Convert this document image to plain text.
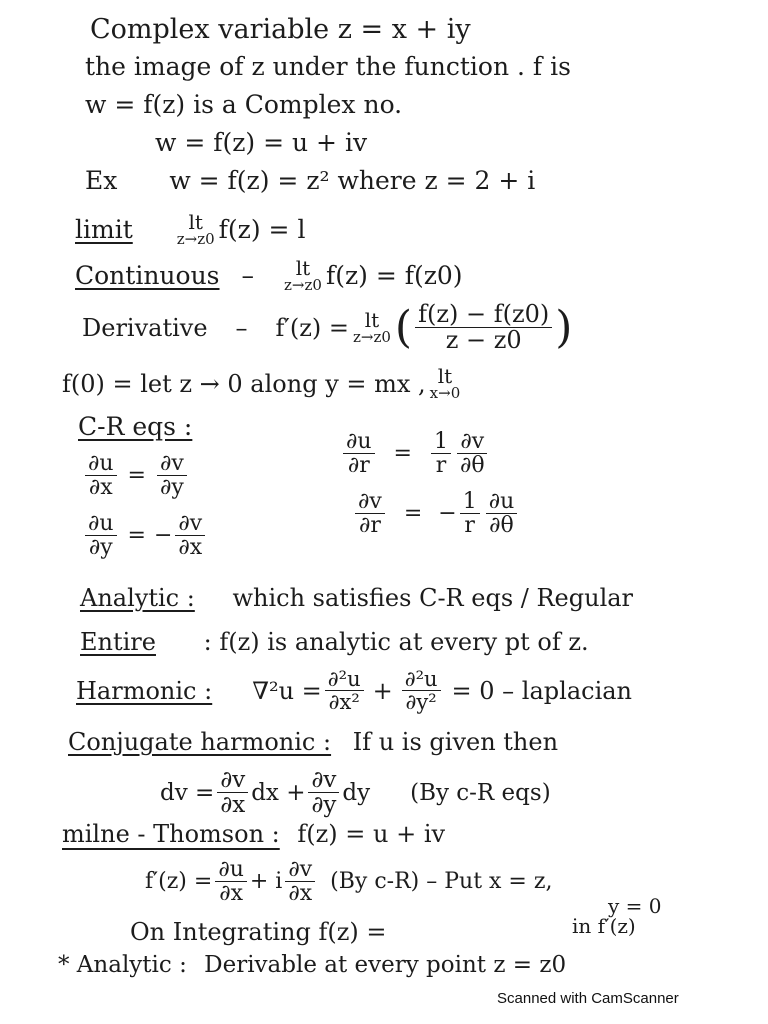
Complex variable z = x + iy
the image of z under the function . f is
w = f(z) is a Complex no.
w = f(z) = u + iv
Ex w = f(z) = z² where z = 2 + i
limit	lt
z→z0 f(z) = l
Continuous – lt
z→z0 f(z) = f(z0)
Derivative – f′(z) = lt
z→z0 ( $\frac{f(z) - f(z0)}{z - z0}$ )
f(0) = let z → 0 along y = mx , lt
x→0
C-R eqs :
$\frac{\partial u}{\partial x} = \frac{\partial v}{\partial y}$
$\frac{\partial u}{\partial y}$ = − $\frac{\partial v}{\partial x}$
$\frac{\partial u}{\partial r} = \frac{1}{r} \frac{\partial v}{\partial\theta}$
$\frac{\partial v}{\partial r}$ = − $\frac{1}{r} \frac{\partial u}{\partial\theta}$
Analytic : which satisfies C-R eqs / Regular
Entire : f(z) is analytic at every pt of z.
Harmonic : $\nabla^2u = \frac{\text{∂²u}}{\text{∂x²}} + \frac{\text{∂²u}}{\text{∂y²}} = 0$ – laplacian
Conjugate harmonic : If u is given then
dv = $\frac{\partial v}{\partial x}$ dx + $\frac{\partial v}{\partial y}$ dy (By c-R eqs)
milne - Thomson : f(z) = u + iv
$f'(z) = \frac{\partial u}{\partial x} + i \frac{\partial v}{\partial x} (By$ c-R) – Put x = z,
y = 0
On Integrating f(z) =	in f′(z)
* Analytic : Derivable at every point z = z0
Scanned with CamScanner
